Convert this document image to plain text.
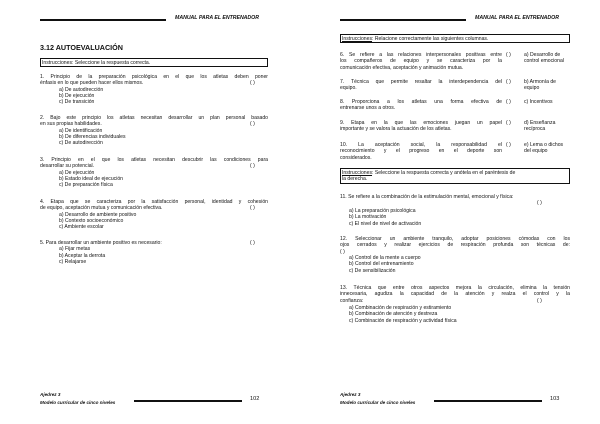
MANUAL PARA EL ENTRENADOR
3.12 AUTOEVALUACIÓN
Instrucciones: Seleccione la respuesta correcta.
1. Principio de la preparación psicológica en el que los atletas deben poner
énfasis en lo que pueden hacer ellos mismos.	( )
a) De autodirección
b) De ejecución
c) De transición
2. Bajo este principio los atletas necesitan desarrollar un plan personal basado
en sus propias habilidades.	( )
a) De identificación
b) De diferencias individuales
c) De autodirección
3. Principio en el que los atletas necesitan descubrir las condiciones para
desarrollar su potencial.	( )
a) De ejecución
b) Estado ideal de ejecución
c) De preparación física
4. Etapa que se caracteriza por la satisfacción personal, identidad y cohesión
de equipo, aceptación mutua y comunicación efectiva.	( )
a) Desarrollo de ambiente positivo
b) Contexto socioeconómico
c) Ambiente escolar
5. Para desarrollar un ambiente positivo es necesario:	( )
a) Fijar metas
b) Aceptar la derrota
c) Relajarse
Ajedrez 3
Modelo curricular de cinco niveles
102
MANUAL PARA EL ENTRENADOR
Instrucciones: Relacione correctamente las siguientes columnas.
6. Se refiere a las relaciones interpersonales positivas entre
los compañeros de equipo y se caracteriza por la
comunicación efectiva, aceptación y animación mutua.
( )	a) Desarrollo de
control emocional
7. Técnica que permite resaltar la interdependencia del
equipo.
( )	b) Armonía de
equipo
8. Proporciona a los atletas una forma efectiva de
entrenarse unos a otros.
( )	c) Incentivos
9. Etapa en la que las emociones juegan un papel
importante y se valora la actuación de los atletas.
( )	d) Enseñanza
recíproca
10. La aceptación social, la responsabilidad el
reconocimiento y el progreso en el deporte son
considerados.
( )	e) Lema o dichos
del equipo
Instrucciones: Seleccione la respuesta correcta y anótela en el paréntesis de
la derecha.
11. Se refiere a la combinación de la estimulación mental, emocional y física:
( )
a) La preparación psicológica
b) La motivación
c) El nivel de nivel de activación
12. Seleccionar un ambiente tranquilo, adoptar posiciones cómodas con los
ojos cerrados y realizar ejercicios de respiración profunda son técnicas de:
( )
a) Control de la mente a cuerpo
b) Control del entrenamiento
c) De sensibilización
13. Técnica que entre otros aspectos mejora la circulación, elimina la tensión
innecesaria, agudiza la capacidad de la atención y realza el control y la
confianza:	( )
a) Combinación de respiración y estiramiento
b) Combinación de atención y destreza
c) Combinación de respiración y actividad física
Ajedrez 3
Modelo curricular de cinco niveles
103
